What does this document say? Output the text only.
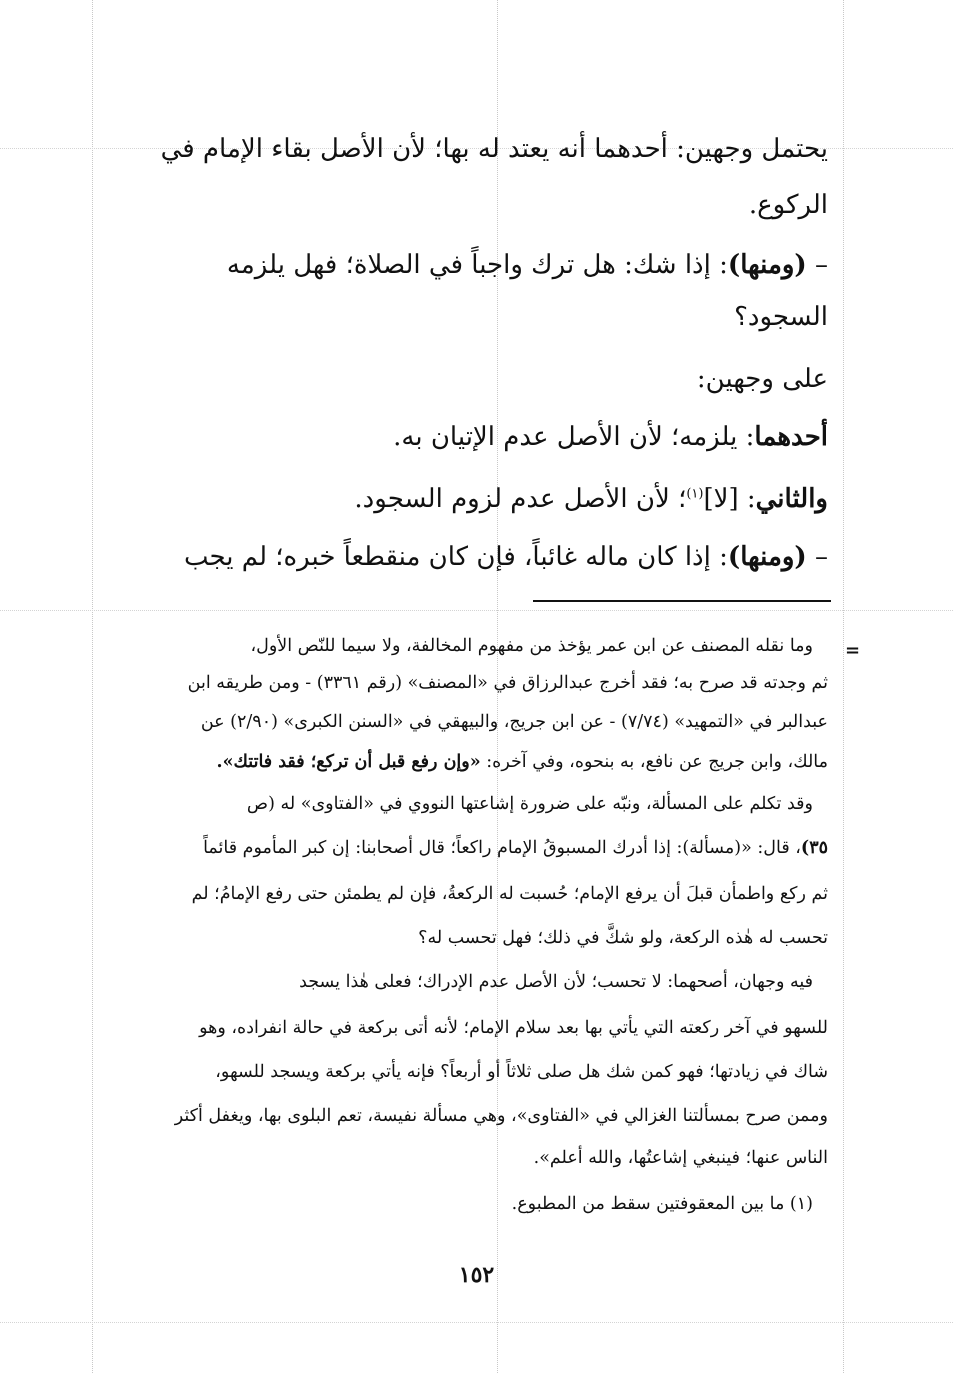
يحتمل وجهين: أحدهما أنه يعتد له بها؛ لأن الأصل بقاء الإمام في

الركوع.

– (ومنها): إذا شك: هل ترك واجباً في الصلاة؛ فهل يلزمه

السجود؟

على وجهين:

أحدهما: يلزمه؛ لأن الأصل عدم الإتيان به.

والثاني: [لا]$^{(١)}$؛ لأن الأصل عدم لزوم السجود.

– (ومنها): إذا كان ماله غائباً، فإن كان منقطعاً خبره؛ لم يجب

=

وما نقله المصنف عن ابن عمر يؤخذ من مفهوم المخالفة، ولا سيما للنّص الأول،

ثم وجدته قد صرح به؛ فقد أخرج عبدالرزاق في «المصنف» (رقم ٣٣٦١) - ومن طريقه ابن

عبدالبر في «التمهيد» (٧/٧٤) - عن ابن جريج، والبيهقي في «السنن الكبرى» (٢/٩٠) عن

مالك، وابن جريج عن نافع، به بنحوه، وفي آخره: «وإن رفع قبل أن تركع؛ فقد فاتتك».

وقد تكلم على المسألة، ونبّه على ضرورة إشاعتها النووي في «الفتاوى» له (ص

٣٥)، قال: «(مسألة): إذا أدرك المسبوقُ الإمام راكعاً؛ قال أصحابنا: إن كبر المأموم قائماً

ثم ركع واطمأن قبلَ أن يرفع الإمام؛ حُسبت له الركعةُ، فإن لم يطمئن حتى رفع الإمامُ؛ لم

تحسب له هٰذه الركعة، ولو شكَّ في ذلك؛ فهل تحسب له؟

فيه وجهان، أصحهما: لا تحسب؛ لأن الأصل عدم الإدراك؛ فعلى هٰذا يسجد

للسهو في آخر ركعته التي يأتي بها بعد سلام الإمام؛ لأنه أتى بركعة في حالة انفراده، وهو

شاك في زيادتها؛ فهو كمن شك هل صلى ثلاثاً أو أربعاً؟ فإنه يأتي بركعة ويسجد للسهو،

وممن صرح بمسألتنا الغزالي في «الفتاوى»، وهي مسألة نفيسة، تعم البلوى بها، ويغفل أكثر

الناس عنها؛ فينبغي إشاعتُها، والله أعلم».

(١) ما بين المعقوفتين سقط من المطبوع.

١٥٢
